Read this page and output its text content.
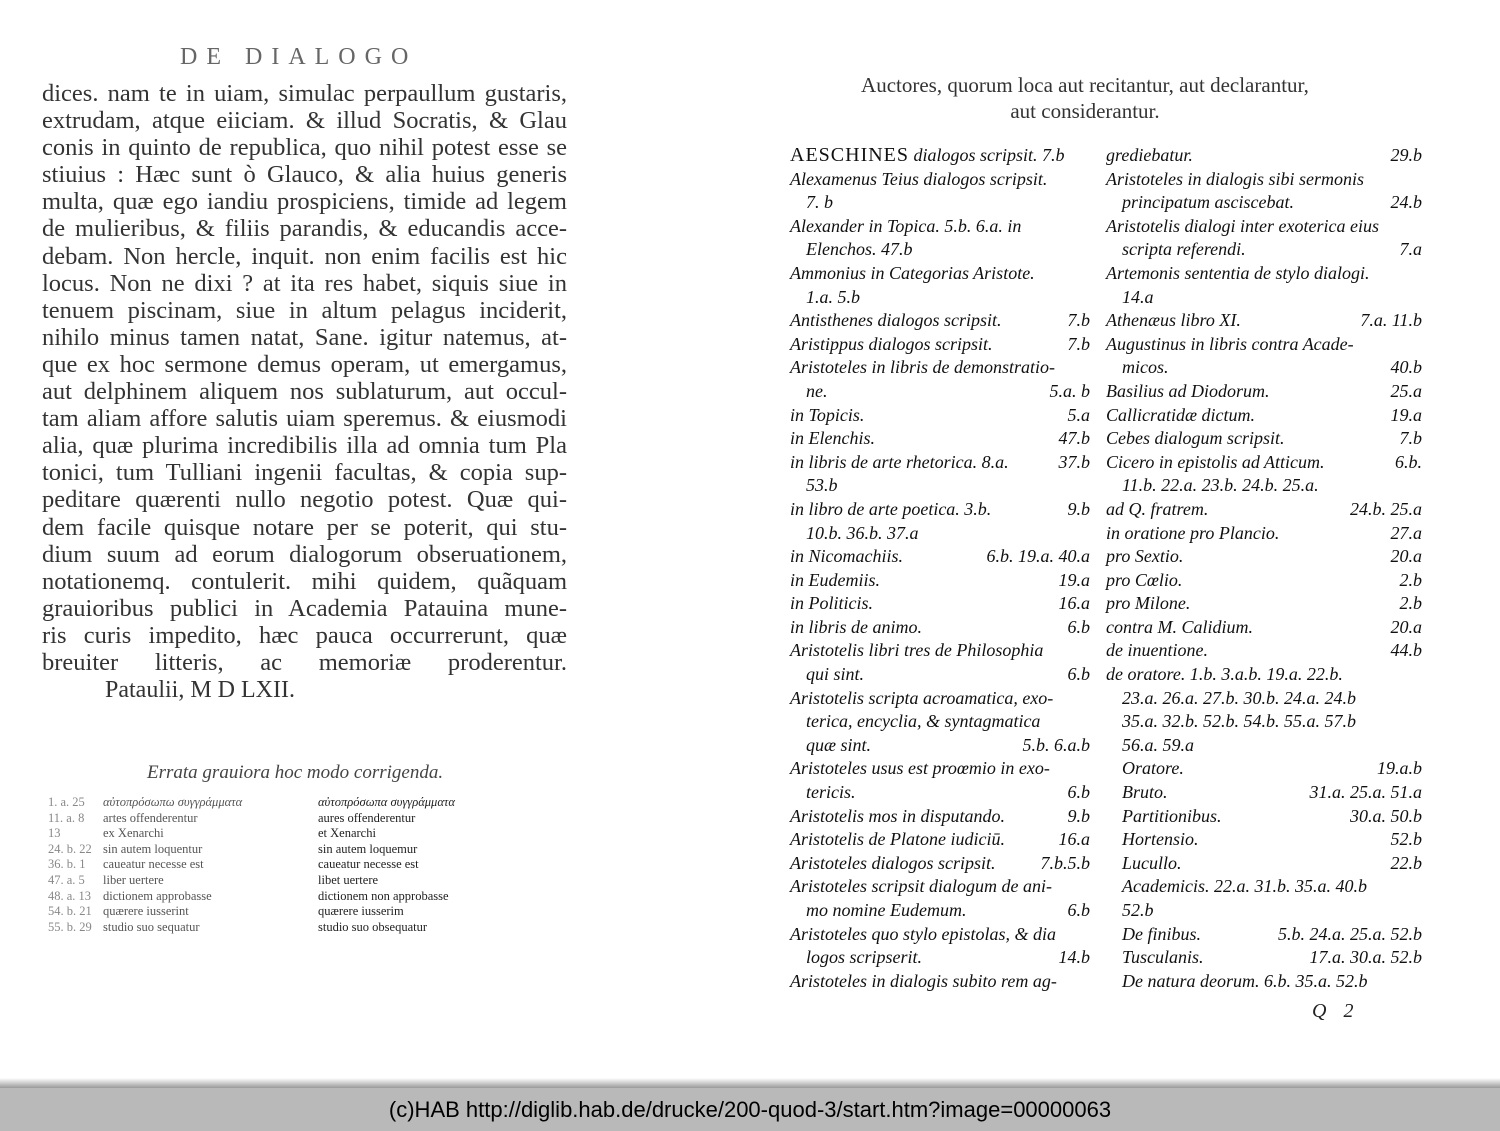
DE DIALOGO
dices. nam te in uiam, simulac perpaullum gustaris,
extrudam, atque eiiciam. & illud Socratis, & Glau
conis in quinto de republica, quo nihil potest esse se
stiuius : Hæc sunt ò Glauco, & alia huius generis
multa, quæ ego iandiu prospiciens, timide ad legem
de mulieribus, & filiis parandis, & educandis acce-
debam. Non hercle, inquit. non enim facilis est hic
locus. Non ne dixi ? at ita res habet, siquis siue in
tenuem piscinam, siue in altum pelagus inciderit,
nihilo minus tamen natat, Sane. igitur natemus, at-
que ex hoc sermone demus operam, ut emergamus,
aut delphinem aliquem nos sublaturum, aut occul-
tam aliam affore salutis uiam speremus. & eiusmodi
alia, quæ plurima incredibilis illa ad omnia tum Pla
tonici, tum Tulliani ingenii facultas, & copia sup-
peditare quærenti nullo negotio potest. Quæ qui-
dem facile quisque notare per se poterit, qui stu-
dium suum ad eorum dialogorum obseruationem,
notationemq. contulerit. mihi quidem, quãquam
grauioribus publici in Academia Patauina mune-
ris curis impedito, hæc pauca occurrerunt, quæ
breuiter litteris, ac memoriæ proderentur.
Pataulii, M D LXII.
Errata grauiora hoc modo corrigenda.
1. a. 25	αὐτοπρόσωπω συγγράμματα	αὐτοπρόσωπα συγγράμματα
11. a. 8	artes offenderentur	aures offenderentur
13	ex Xenarchi	et Xenarchi
24. b. 22 sin autem loquentur	sin autem loquemur
36. b. 1	caueatur necesse est	caueatur necesse est
47. a. 5	liber uertere	libet uertere
48. a. 13 dictionem approbasse	dictionem non approbasse
54. b. 21 quærere iusserint	quærere iusserim
55. b. 29 studio suo sequatur	studio suo obsequatur
Auctores, quorum loca aut recitantur, aut declarantur,
aut considerantur.
AESCHINES dialogos scripsit. 7.b
Alexamenus Teius dialogos scripsit.
7. b
Alexander in Topica. 5.b. 6.a. in
Elenchos. 47.b
Ammonius in Categorias Aristote.
1.a. 5.b
Antisthenes dialogos scripsit.	7.b
Aristippus dialogos scripsit.	7.b
Aristoteles in libris de demonstratio-
ne.	5.a. b
in Topicis.	5.a
in Elenchis.	47.b
in libris de arte rhetorica. 8.a.	37.b
53.b
in libro de arte poetica. 3.b.	9.b
10.b. 36.b. 37.a
in Nicomachiis.	6.b. 19.a. 40.a
in Eudemiis.	19.a
in Politicis.	16.a
in libris de animo.	6.b
Aristotelis libri tres de Philosophia
qui sint.	6.b
Aristotelis scripta acroamatica, exo-
terica, encyclia, & syntagmatica
quæ sint.	5.b. 6.a.b
Aristoteles usus est proœmio in exo-
tericis.	6.b
Aristotelis mos in disputando.	9.b
Aristotelis de Platone iudiciū.	16.a
Aristoteles dialogos scripsit.	7.b.5.b
Aristoteles scripsit dialogum de ani-
mo nomine Eudemum.	6.b
Aristoteles quo stylo epistolas, & dia
logos scripserit.	14.b
Aristoteles in dialogis subito rem ag-
grediebatur.	29.b
Aristoteles in dialogis sibi sermonis
principatum asciscebat.	24.b
Aristotelis dialogi inter exoterica eius
scripta referendi.	7.a
Artemonis sententia de stylo dialogi.
14.a
Athenæus libro XI.	7.a. 11.b
Augustinus in libris contra Acade-
micos.	40.b
Basilius ad Diodorum.	25.a
Callicratidæ dictum.	19.a
Cebes dialogum scripsit.	7.b
Cicero in epistolis ad Atticum.	6.b.
11.b. 22.a. 23.b. 24.b. 25.a.
ad Q. fratrem.	24.b. 25.a
in oratione pro Plancio.	27.a
pro Sextio.	20.a
pro Cœlio.	2.b
pro Milone.	2.b
contra M. Calidium.	20.a
de inuentione.	44.b
de oratore. 1.b. 3.a.b. 19.a. 22.b.
23.a. 26.a. 27.b. 30.b. 24.a. 24.b
35.a. 32.b. 52.b. 54.b. 55.a. 57.b
56.a. 59.a
Oratore.	19.a.b
Bruto.	31.a. 25.a. 51.a
Partitionibus.	30.a. 50.b
Hortensio.	52.b
Lucullo.	22.b
Academicis. 22.a. 31.b. 35.a. 40.b
52.b
De finibus.	5.b. 24.a. 25.a. 52.b
Tusculanis.	17.a. 30.a. 52.b
De natura deorum. 6.b. 35.a. 52.b
Q 2
(c)HAB http://diglib.hab.de/drucke/200-quod-3/start.htm?image=00000063
